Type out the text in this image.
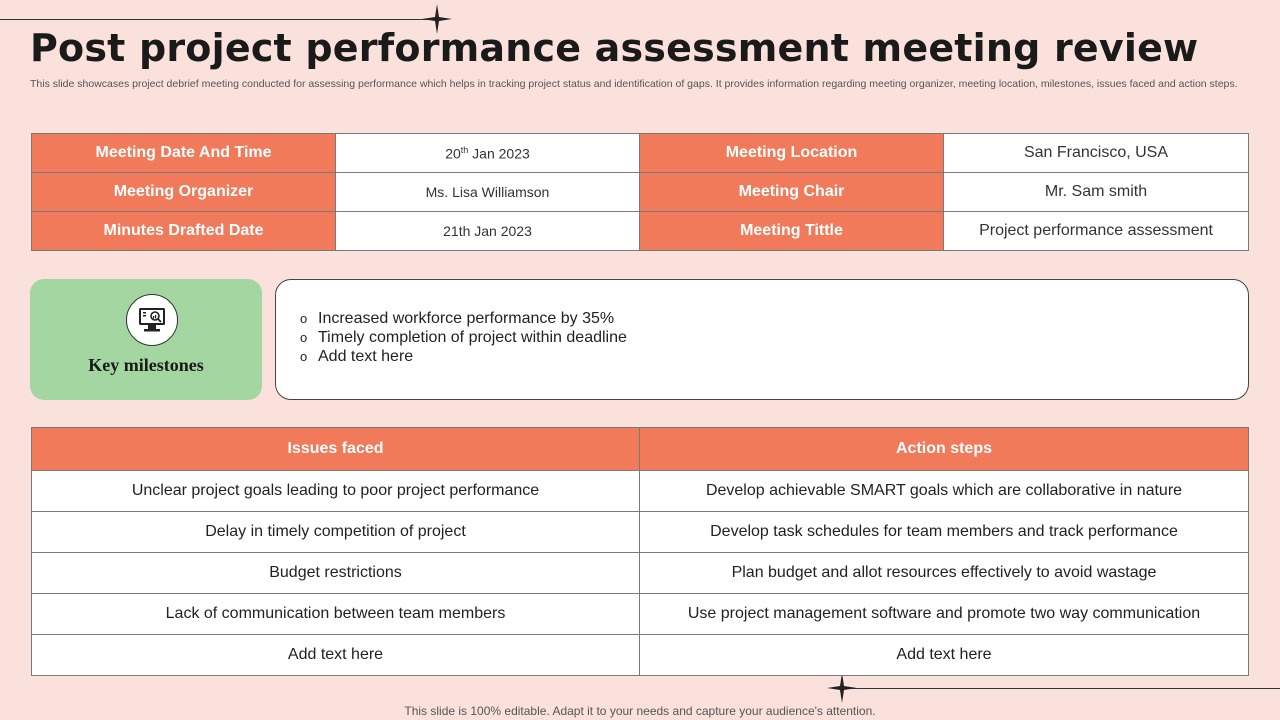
Post project performance assessment meeting review
This slide showcases project debrief meeting conducted for assessing performance which helps in tracking project status and identification of gaps. It provides information regarding meeting organizer, meeting location, milestones, issues faced and action steps.
Meeting Date And Time	20th Jan 2023	Meeting Location	San Francisco, USA
Meeting Organizer	Ms. Lisa Williamson	Meeting Chair	Mr. Sam smith
Minutes Drafted Date	21th Jan 2023	Meeting Tittle	Project performance assessment
Key milestones
o Increased workforce performance by 35%
o Timely completion of project within deadline
o Add text here
Issues faced	Action steps
Unclear project goals leading to poor project performance	Develop achievable SMART goals which are collaborative in nature
Delay in timely competition of project	Develop task schedules for team members and track performance
Budget restrictions	Plan budget and allot resources effectively to avoid wastage
Lack of communication between team members	Use project management software and promote two way communication
Add text here	Add text here
This slide is 100% editable. Adapt it to your needs and capture your audience's attention.
